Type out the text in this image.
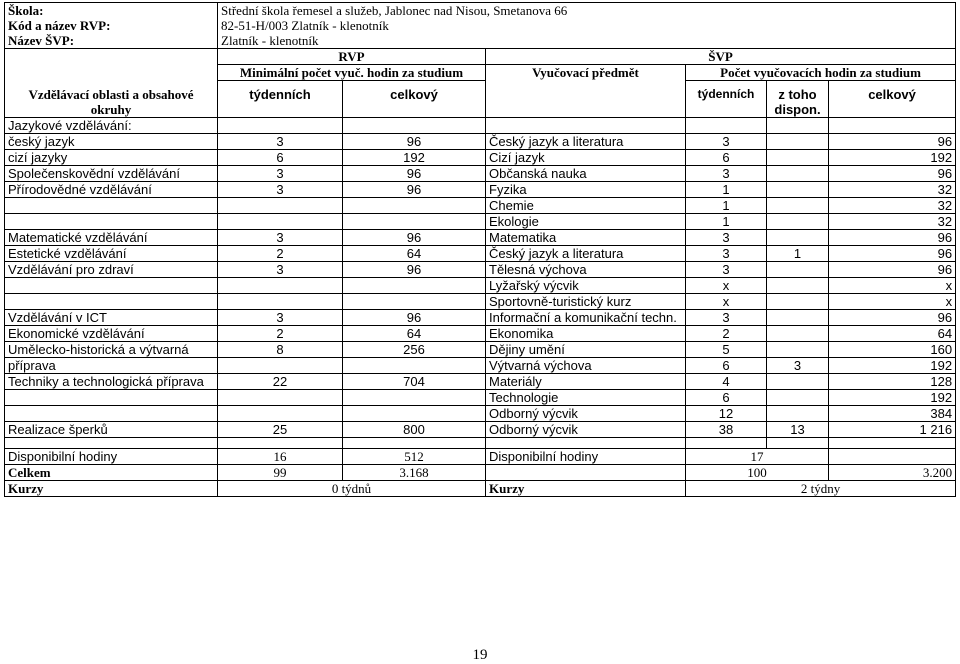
Škola:	Střední škola řemesel a služeb, Jablonec nad Nisou, Smetanova 66					
Kód a název RVP:	82-51-H/003 Zlatník - klenotník					
Název ŠVP:	Zlatník - klenotník					
Vzdělávací oblasti a obsahové okruhy	RVP		ŠVP			
	Minimální počet vyuč. hodin za studium		Vyučovací předmět	Počet vyučovacích hodin za studium		
	týdenních	celkový		týdenních	z toho dispon.	celkový
Jazykové vzdělávání:						
český jazyk	3	96	Český jazyk a literatura	3		96
cizí jazyky	6	192	Cizí jazyk	6		192
Společenskovědní vzdělávání	3	96	Občanská nauka	3		96
Přírodovědné vzdělávání	3	96	Fyzika	1		32
			Chemie	1		32
			Ekologie	1		32
Matematické vzdělávání	3	96	Matematika	3		96
Estetické vzdělávání	2	64	Český jazyk a literatura	3	1	96
Vzdělávání pro zdraví	3	96	Tělesná výchova	3		96
			Lyžařský výcvik	x		x
			Sportovně-turistický kurz	x		x
Vzdělávání v ICT	3	96	Informační a komunikační techn.	3		96
Ekonomické vzdělávání	2	64	Ekonomika	2		64
Umělecko-historická a výtvarná	8	256	Dějiny umění	5		160
příprava			Výtvarná výchova	6	3	192
Techniky a technologická příprava	22	704	Materiály	4		128
			Technologie	6		192
			Odborný výcvik	12		384
Realizace šperků	25	800	Odborný výcvik	38	13	1 216

Disponibilní hodiny	16	512	Disponibilní hodiny	17		
Celkem	99	3.168		100		3.200
Kurzy	0 týdnů		Kurzy	2 týdny		
19
